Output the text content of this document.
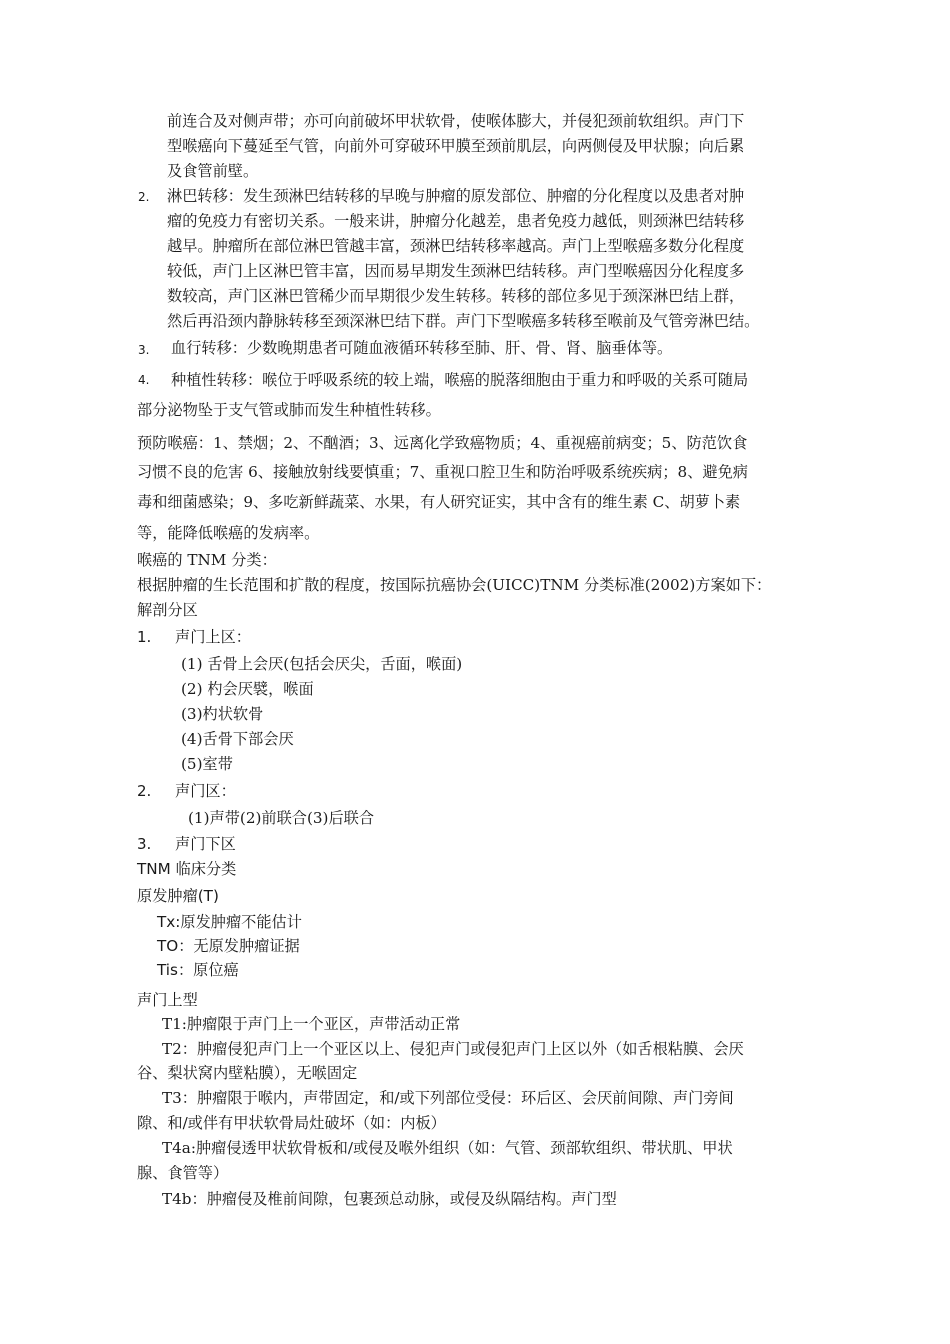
前连合及对侧声带；亦可向前破坏甲状软骨，使喉体膨大，并侵犯颈前软组织。声门下
型喉癌向下蔓延至气管，向前外可穿破环甲膜至颈前肌层，向两侧侵及甲状腺；向后累
及食管前壁。
2. 淋巴转移：发生颈淋巴结转移的早晚与肿瘤的原发部位、肿瘤的分化程度以及患者对肿
瘤的免疫力有密切关系。一般来讲，肿瘤分化越差，患者免疫力越低，则颈淋巴结转移
越早。肿瘤所在部位淋巴管越丰富，颈淋巴结转移率越高。声门上型喉癌多数分化程度
较低，声门上区淋巴管丰富，因而易早期发生颈淋巴结转移。声门型喉癌因分化程度多
数较高，声门区淋巴管稀少而早期很少发生转移。转移的部位多见于颈深淋巴结上群，
然后再沿颈内静脉转移至颈深淋巴结下群。声门下型喉癌多转移至喉前及气管旁淋巴结。
3. 血行转移：少数晚期患者可随血液循环转移至肺、肝、骨、肾、脑垂体等。
4. 种植性转移：喉位于呼吸系统的较上端，喉癌的脱落细胞由于重力和呼吸的关系可随局
部分泌物坠于支气管或肺而发生种植性转移。
预防喉癌：1、禁烟；2、不酗酒；3、远离化学致癌物质；4、重视癌前病变；5、防范饮食
习惯不良的危害 6、接触放射线要慎重；7、重视口腔卫生和防治呼吸系统疾病；8、避免病
毒和细菌感染；9、多吃新鲜蔬菜、水果，有人研究证实，其中含有的维生素 C、胡萝卜素
等，能降低喉癌的发病率。
喉癌的 TNM 分类：
根据肿瘤的生长范围和扩散的程度，按国际抗癌协会(UICC)TNM 分类标准(2002)方案如下：
解剖分区
1. 声门上区：
(1) 舌骨上会厌(包括会厌尖，舌面，喉面)
(2) 杓会厌襞，喉面
(3)杓状软骨
(4)舌骨下部会厌
(5)室带
2. 声门区：
(1)声带(2)前联合(3)后联合
3. 声门下区
TNM 临床分类
原发肿瘤(T)
Tx:原发肿瘤不能估计
TO：无原发肿瘤证据
Tis：原位癌
声门上型
T1:肿瘤限于声门上一个亚区，声带活动正常
T2：肿瘤侵犯声门上一个亚区以上、侵犯声门或侵犯声门上区以外（如舌根粘膜、会厌
谷、梨状窝内壁粘膜），无喉固定
T3：肿瘤限于喉内，声带固定，和/或下列部位受侵：环后区、会厌前间隙、声门旁间
隙、和/或伴有甲状软骨局灶破坏（如：内板）
T4a:肿瘤侵透甲状软骨板和/或侵及喉外组织（如：气管、颈部软组织、带状肌、甲状
腺、食管等）
T4b：肿瘤侵及椎前间隙，包裹颈总动脉，或侵及纵隔结构。声门型
